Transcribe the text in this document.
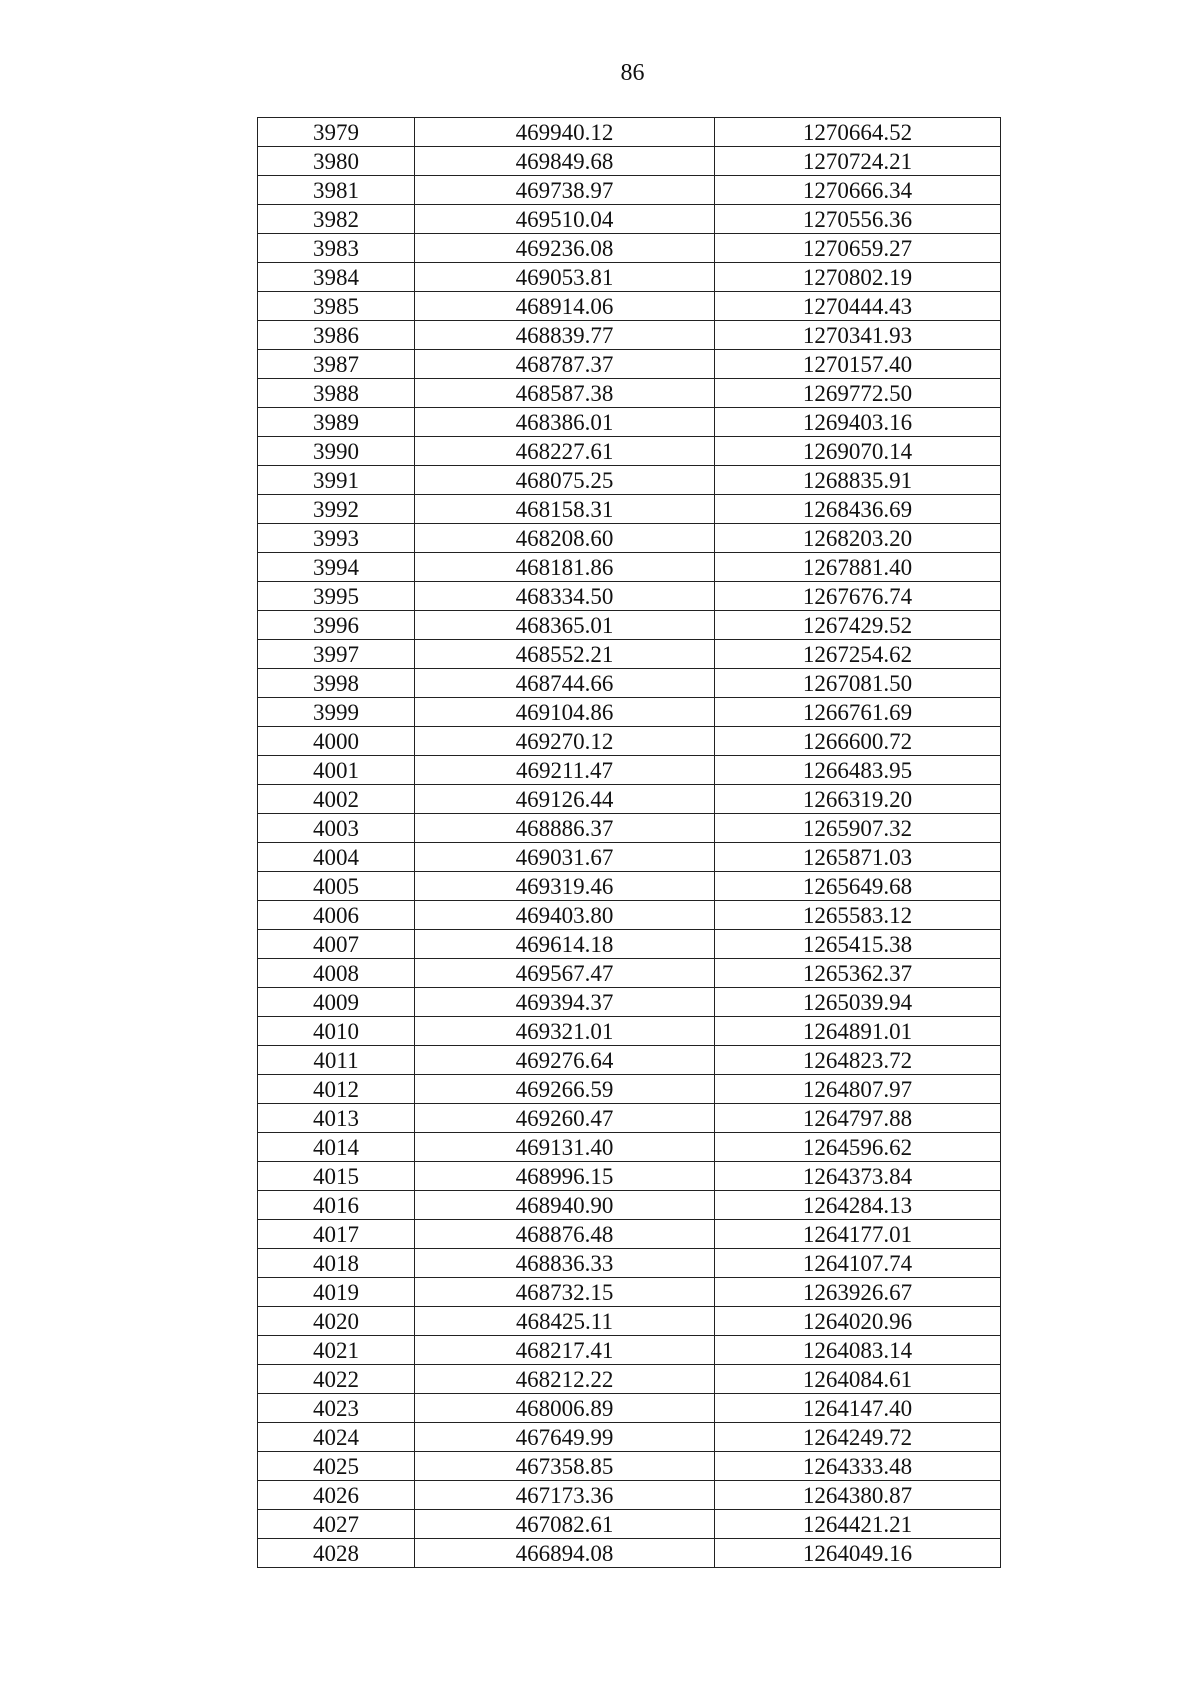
86
3979	469940.12	1270664.52
3980	469849.68	1270724.21
3981	469738.97	1270666.34
3982	469510.04	1270556.36
3983	469236.08	1270659.27
3984	469053.81	1270802.19
3985	468914.06	1270444.43
3986	468839.77	1270341.93
3987	468787.37	1270157.40
3988	468587.38	1269772.50
3989	468386.01	1269403.16
3990	468227.61	1269070.14
3991	468075.25	1268835.91
3992	468158.31	1268436.69
3993	468208.60	1268203.20
3994	468181.86	1267881.40
3995	468334.50	1267676.74
3996	468365.01	1267429.52
3997	468552.21	1267254.62
3998	468744.66	1267081.50
3999	469104.86	1266761.69
4000	469270.12	1266600.72
4001	469211.47	1266483.95
4002	469126.44	1266319.20
4003	468886.37	1265907.32
4004	469031.67	1265871.03
4005	469319.46	1265649.68
4006	469403.80	1265583.12
4007	469614.18	1265415.38
4008	469567.47	1265362.37
4009	469394.37	1265039.94
4010	469321.01	1264891.01
4011	469276.64	1264823.72
4012	469266.59	1264807.97
4013	469260.47	1264797.88
4014	469131.40	1264596.62
4015	468996.15	1264373.84
4016	468940.90	1264284.13
4017	468876.48	1264177.01
4018	468836.33	1264107.74
4019	468732.15	1263926.67
4020	468425.11	1264020.96
4021	468217.41	1264083.14
4022	468212.22	1264084.61
4023	468006.89	1264147.40
4024	467649.99	1264249.72
4025	467358.85	1264333.48
4026	467173.36	1264380.87
4027	467082.61	1264421.21
4028	466894.08	1264049.16
